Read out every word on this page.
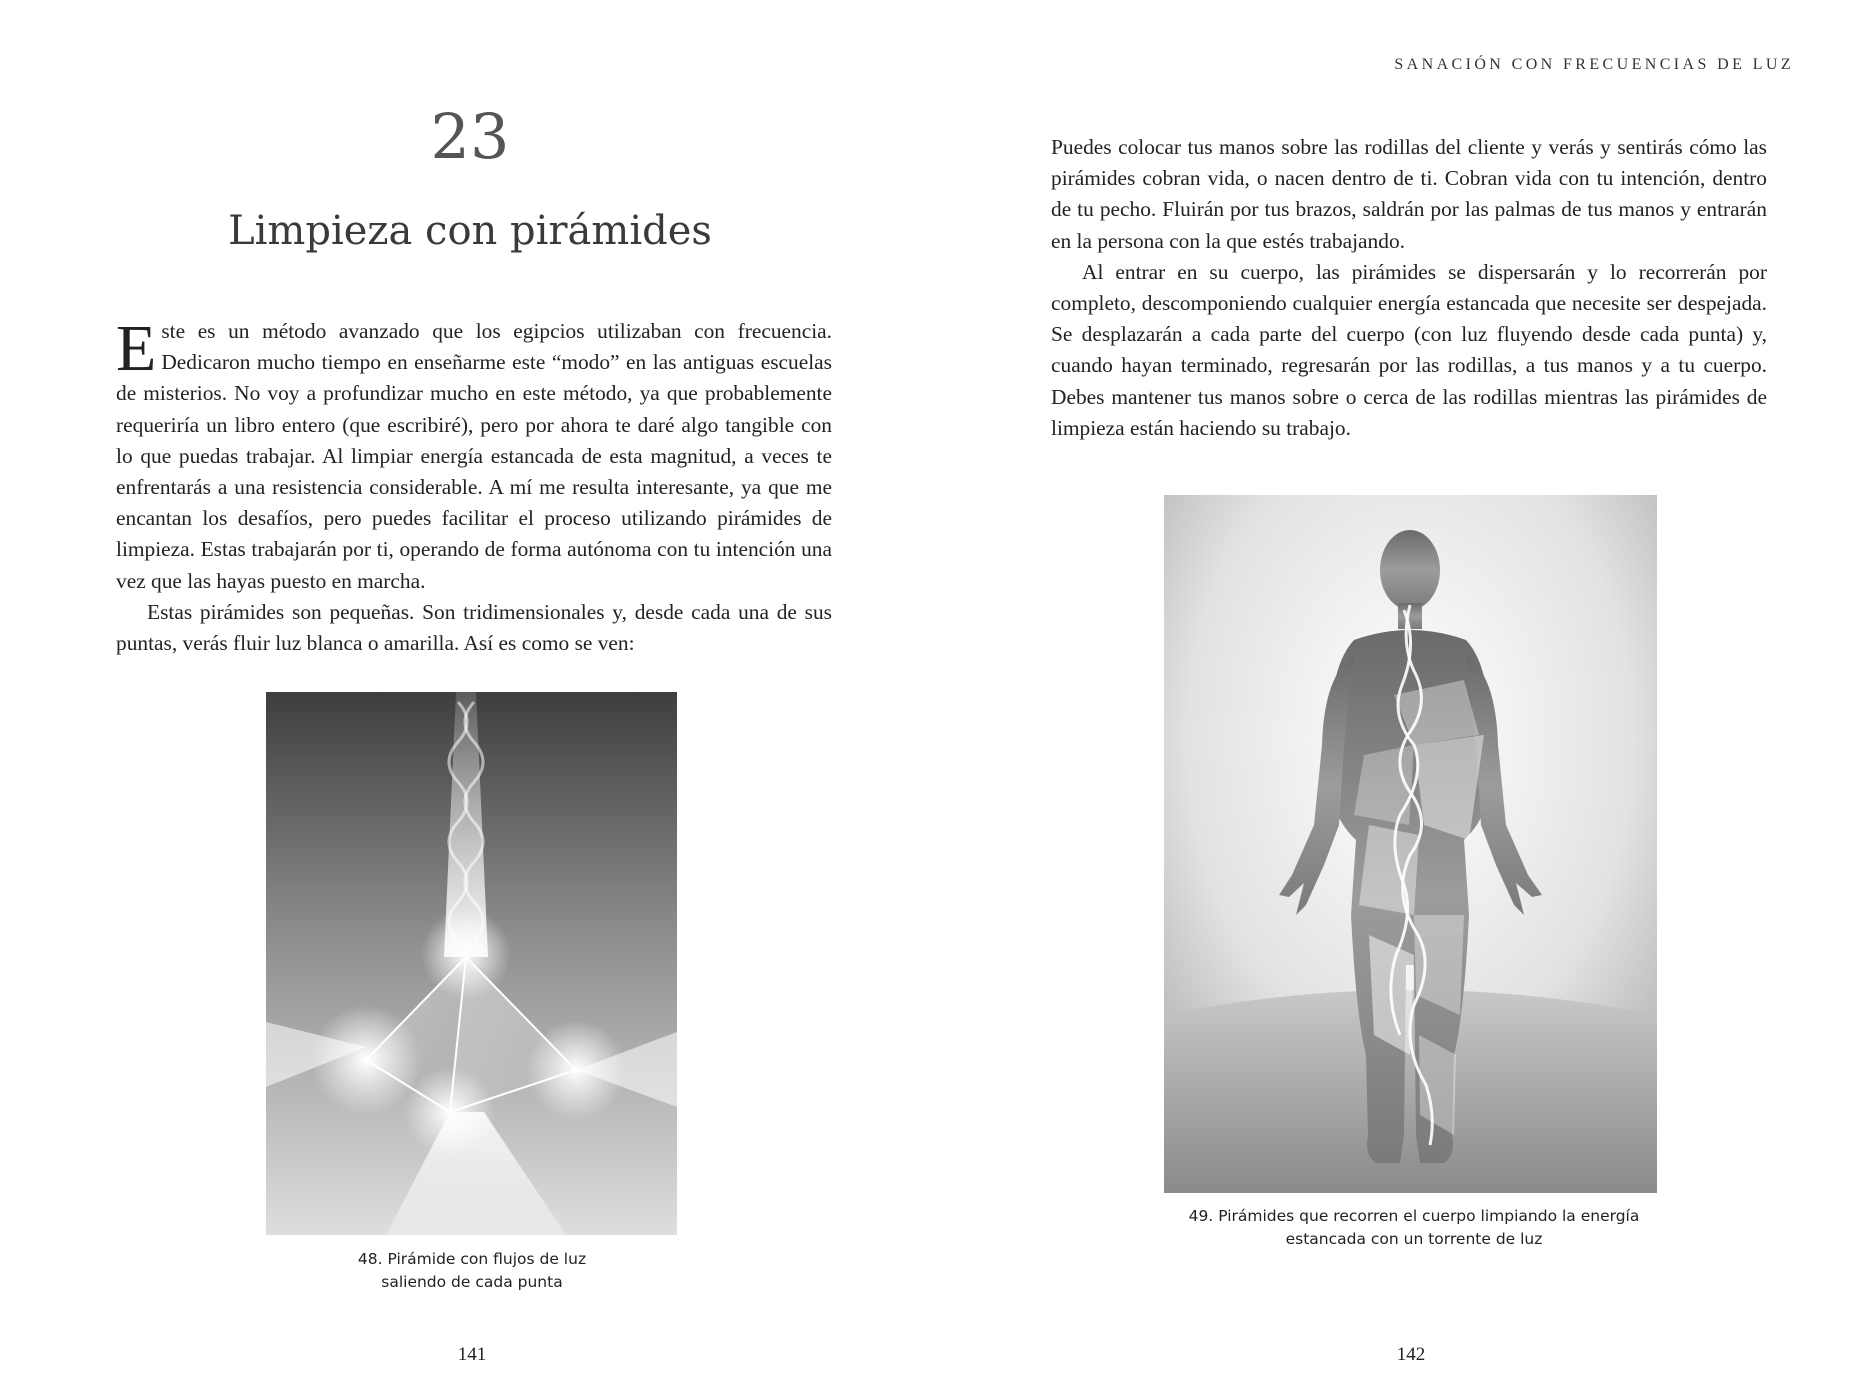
23
Limpieza con pirámides

Este es un método avanzado que los egipcios utilizaban con frecuencia. Dedicaron mucho tiempo en enseñarme este “modo” en las antiguas escuelas de misterios. No voy a profundizar mucho en este método, ya que probablemente requeriría un libro entero (que escribiré), pero por ahora te daré algo tangible con lo que puedas trabajar. Al limpiar energía estancada de esta magnitud, a veces te enfrentarás a una resistencia considerable. A mí me resulta interesante, ya que me encantan los desafíos, pero puedes facilitar el proceso utilizando pirámides de limpieza. Estas trabajarán por ti, operando de forma autónoma con tu intención una vez que las hayas puesto en marcha.

Estas pirámides son pequeñas. Son tridimensionales y, desde cada una de sus puntas, verás fluir luz blanca o amarilla. Así es como se ven:

48. Pirámide con flujos de luz
saliendo de cada punta
141
SANACIÓN CON FRECUENCIAS DE LUZ

Puedes colocar tus manos sobre las rodillas del cliente y verás y sentirás cómo las pirámides cobran vida, o nacen dentro de ti. Cobran vida con tu intención, dentro de tu pecho. Fluirán por tus brazos, saldrán por las palmas de tus manos y entrarán en la persona con la que estés trabajando.

Al entrar en su cuerpo, las pirámides se dispersarán y lo recorrerán por completo, descomponiendo cualquier energía estancada que necesite ser despejada. Se desplazarán a cada parte del cuerpo (con luz fluyendo desde cada punta) y, cuando hayan terminado, regresarán por las rodillas, a tus manos y a tu cuerpo. Debes mantener tus manos sobre o cerca de las rodillas mientras las pirámides de limpieza están haciendo su trabajo.

49. Pirámides que recorren el cuerpo limpiando la energía
estancada con un torrente de luz
142
